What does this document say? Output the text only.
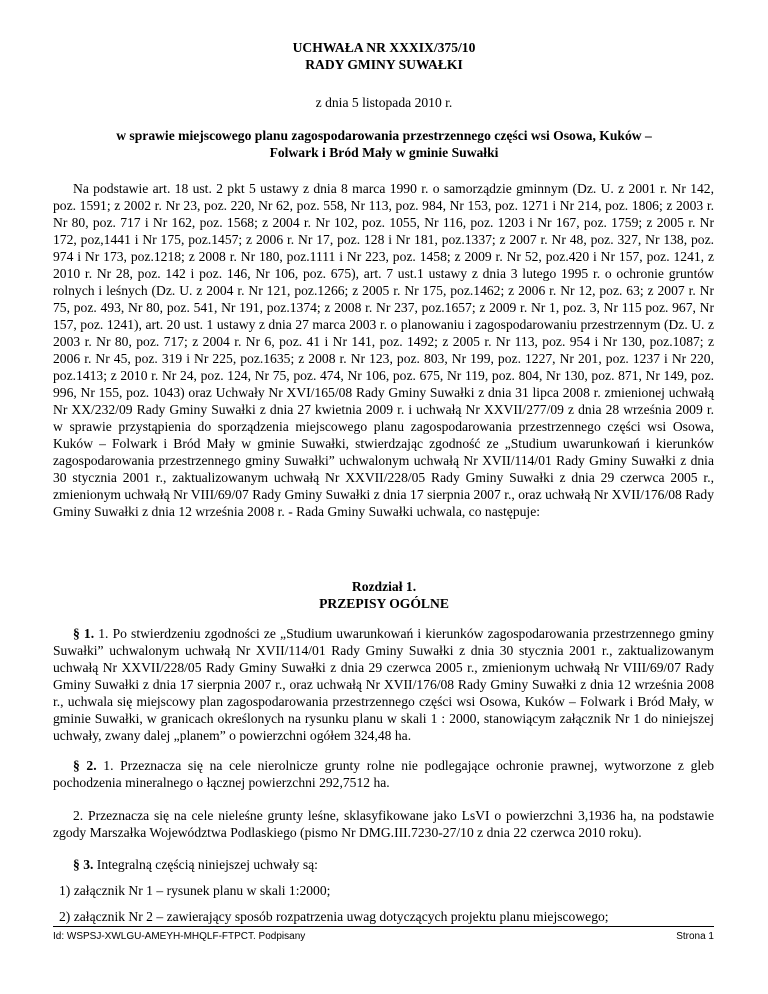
UCHWAŁA NR XXXIX/375/10
RADY GMINY SUWAŁKI
z dnia 5 listopada 2010 r.
w sprawie miejscowego planu zagospodarowania przestrzennego części wsi Osowa, Kuków – Folwark i Bród Mały w gminie Suwałki

Na podstawie art. 18 ust. 2 pkt 5 ustawy z dnia 8 marca 1990 r. o samorządzie gminnym (Dz. U. z 2001 r. Nr 142, poz. 1591; z 2002 r. Nr 23, poz. 220, Nr 62, poz. 558, Nr 113, poz. 984, Nr 153, poz. 1271 i Nr 214, poz. 1806; z 2003 r. Nr 80, poz. 717 i Nr 162, poz. 1568; z 2004 r. Nr 102, poz. 1055, Nr 116, poz. 1203 i Nr 167, poz. 1759; z 2005 r. Nr 172, poz,1441 i Nr 175, poz.1457; z 2006 r. Nr 17, poz. 128 i Nr 181, poz.1337; z 2007 r. Nr 48, poz. 327, Nr 138, poz. 974 i Nr 173, poz.1218; z 2008 r. Nr 180, poz.1111 i Nr 223, poz. 1458; z 2009 r. Nr 52, poz.420 i Nr 157, poz. 1241, z 2010 r. Nr 28, poz. 142 i poz. 146, Nr 106, poz. 675), art. 7 ust.1 ustawy z dnia 3 lutego 1995 r. o ochronie gruntów rolnych i leśnych (Dz. U. z 2004 r. Nr 121, poz.1266; z 2005 r. Nr 175, poz.1462; z 2006 r. Nr 12, poz. 63; z 2007 r. Nr 75, poz. 493, Nr 80, poz. 541, Nr 191, poz.1374; z 2008 r. Nr 237, poz.1657; z 2009 r. Nr 1, poz. 3, Nr 115 poz. 967, Nr 157, poz. 1241), art. 20 ust. 1 ustawy z dnia 27 marca 2003 r. o planowaniu i zagospodarowaniu przestrzennym (Dz. U. z 2003 r. Nr 80, poz. 717; z 2004 r. Nr 6, poz. 41 i Nr 141, poz. 1492; z 2005 r. Nr 113, poz. 954 i Nr 130, poz.1087; z 2006 r. Nr 45, poz. 319 i Nr 225, poz.1635; z 2008 r. Nr 123, poz. 803, Nr 199, poz. 1227, Nr 201, poz. 1237 i Nr 220, poz.1413; z 2010 r. Nr 24, poz. 124, Nr 75, poz. 474, Nr 106, poz. 675, Nr 119, poz. 804, Nr 130, poz. 871, Nr 149, poz. 996, Nr 155, poz. 1043) oraz Uchwały Nr XVI/165/08 Rady Gminy Suwałki z dnia 31 lipca 2008 r. zmienionej uchwałą Nr XX/232/09 Rady Gminy Suwałki z dnia 27 kwietnia 2009 r. i uchwałą Nr XXVII/277/09 z dnia 28 września 2009 r. w sprawie przystąpienia do sporządzenia miejscowego planu zagospodarowania przestrzennego części wsi Osowa, Kuków – Folwark i Bród Mały w gminie Suwałki, stwierdzając zgodność ze „Studium uwarunkowań i kierunków zagospodarowania przestrzennego gminy Suwałki” uchwalonym uchwałą Nr XVII/114/01 Rady Gminy Suwałki z dnia 30 stycznia 2001 r., zaktualizowanym uchwałą Nr XXVII/228/05 Rady Gminy Suwałki z dnia 29 czerwca 2005 r., zmienionym uchwałą Nr VIII/69/07 Rady Gminy Suwałki z dnia 17 sierpnia 2007 r., oraz uchwałą Nr XVII/176/08 Rady Gminy Suwałki z dnia 12 września 2008 r. - Rada Gminy Suwałki uchwala, co następuje:

Rozdział 1.
PRZEPISY OGÓLNE

§ 1. 1. Po stwierdzeniu zgodności ze „Studium uwarunkowań i kierunków zagospodarowania przestrzennego gminy Suwałki” uchwalonym uchwałą Nr XVII/114/01 Rady Gminy Suwałki z dnia 30 stycznia 2001 r., zaktualizowanym uchwałą Nr XXVII/228/05 Rady Gminy Suwałki z dnia 29 czerwca 2005 r., zmienionym uchwałą Nr VIII/69/07 Rady Gminy Suwałki z dnia 17 sierpnia 2007 r., oraz uchwałą Nr XVII/176/08 Rady Gminy Suwałki z dnia 12 września 2008 r., uchwala się miejscowy plan zagospodarowania przestrzennego części wsi Osowa, Kuków – Folwark i Bród Mały, w gminie Suwałki, w granicach określonych na rysunku planu w skali 1 : 2000, stanowiącym załącznik Nr 1 do niniejszej uchwały, zwany dalej „planem” o powierzchni ogółem 324,48 ha.

§ 2. 1. Przeznacza się na cele nierolnicze grunty rolne nie podlegające ochronie prawnej, wytworzone z gleb pochodzenia mineralnego o łącznej powierzchni 292,7512 ha.

2. Przeznacza się na cele nieleśne grunty leśne, sklasyfikowane jako LsVI o powierzchni 3,1936 ha, na podstawie zgody Marszałka Województwa Podlaskiego (pismo Nr DMG.III.7230-27/10 z dnia 22 czerwca 2010 roku).

§ 3. Integralną częścią niniejszej uchwały są:

1) załącznik Nr 1 – rysunek planu w skali 1:2000;

2) załącznik Nr 2 – zawierający sposób rozpatrzenia uwag dotyczących projektu planu miejscowego;

Id: WSPSJ-XWLGU-AMEYH-MHQLF-FTPCT. Podpisany	Strona 1
